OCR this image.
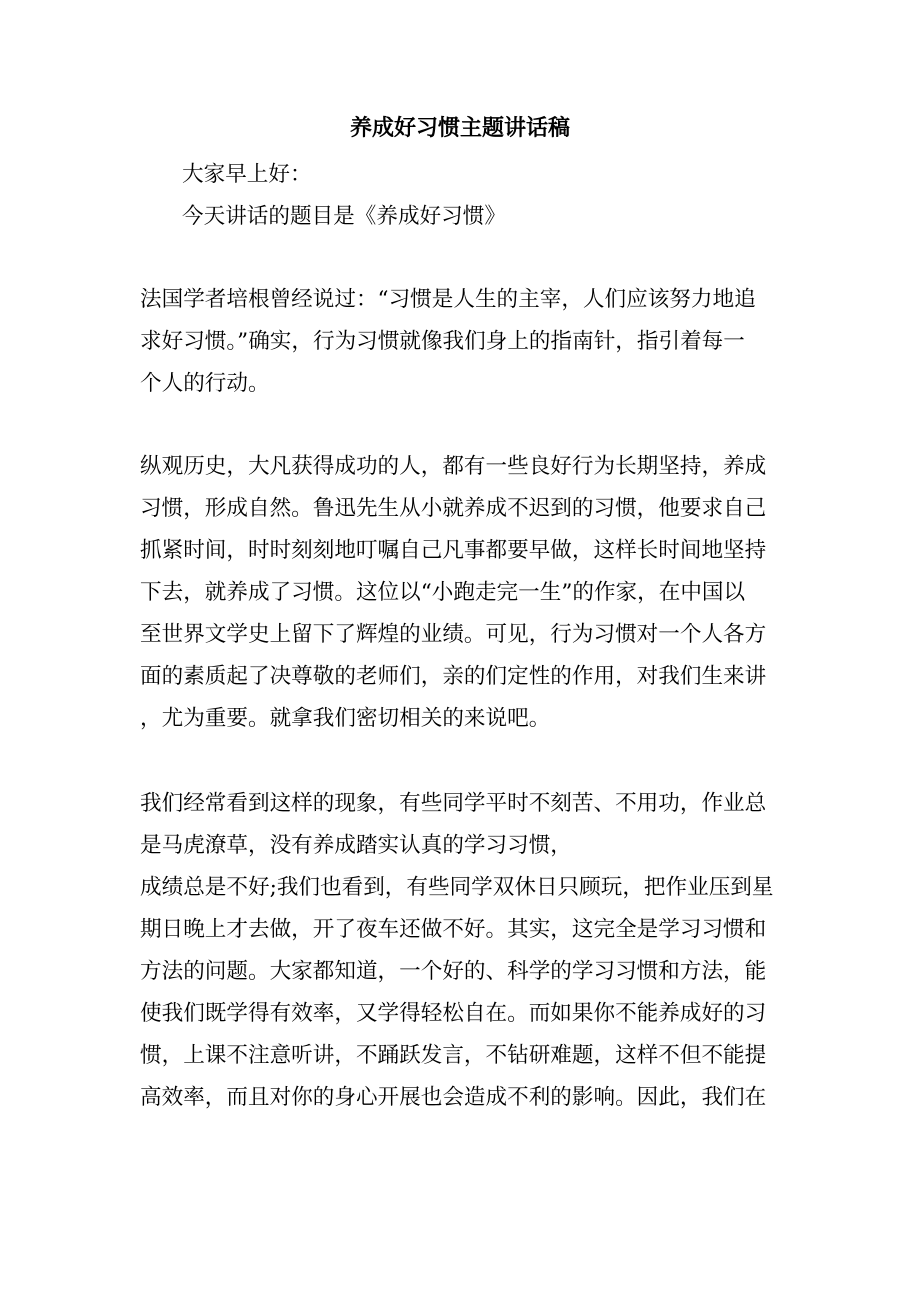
养成好习惯主题讲话稿
大家早上好：
今天讲话的题目是《养成好习惯》
法国学者培根曾经说过：“习惯是人生的主宰，人们应该努力地追
求好习惯。”确实，行为习惯就像我们身上的指南针，指引着每一
个人的行动。
纵观历史，大凡获得成功的人，都有一些良好行为长期坚持，养成
习惯，形成自然。鲁迅先生从小就养成不迟到的习惯，他要求自己
抓紧时间，时时刻刻地叮嘱自己凡事都要早做，这样长时间地坚持
下去，就养成了习惯。这位以“小跑走完一生”的作家，在中国以
至世界文学史上留下了辉煌的业绩。可见，行为习惯对一个人各方
面的素质起了决尊敬的老师们，亲的们定性的作用，对我们生来讲
，尤为重要。就拿我们密切相关的来说吧。
我们经常看到这样的现象，有些同学平时不刻苦、不用功，作业总
是马虎潦草，没有养成踏实认真的学习习惯，
成绩总是不好;我们也看到，有些同学双休日只顾玩，把作业压到星
期日晚上才去做，开了夜车还做不好。其实，这完全是学习习惯和
方法的问题。大家都知道，一个好的、科学的学习习惯和方法，能
使我们既学得有效率，又学得轻松自在。而如果你不能养成好的习
惯，上课不注意听讲，不踊跃发言，不钻研难题，这样不但不能提
高效率，而且对你的身心开展也会造成不利的影响。因此，我们在
